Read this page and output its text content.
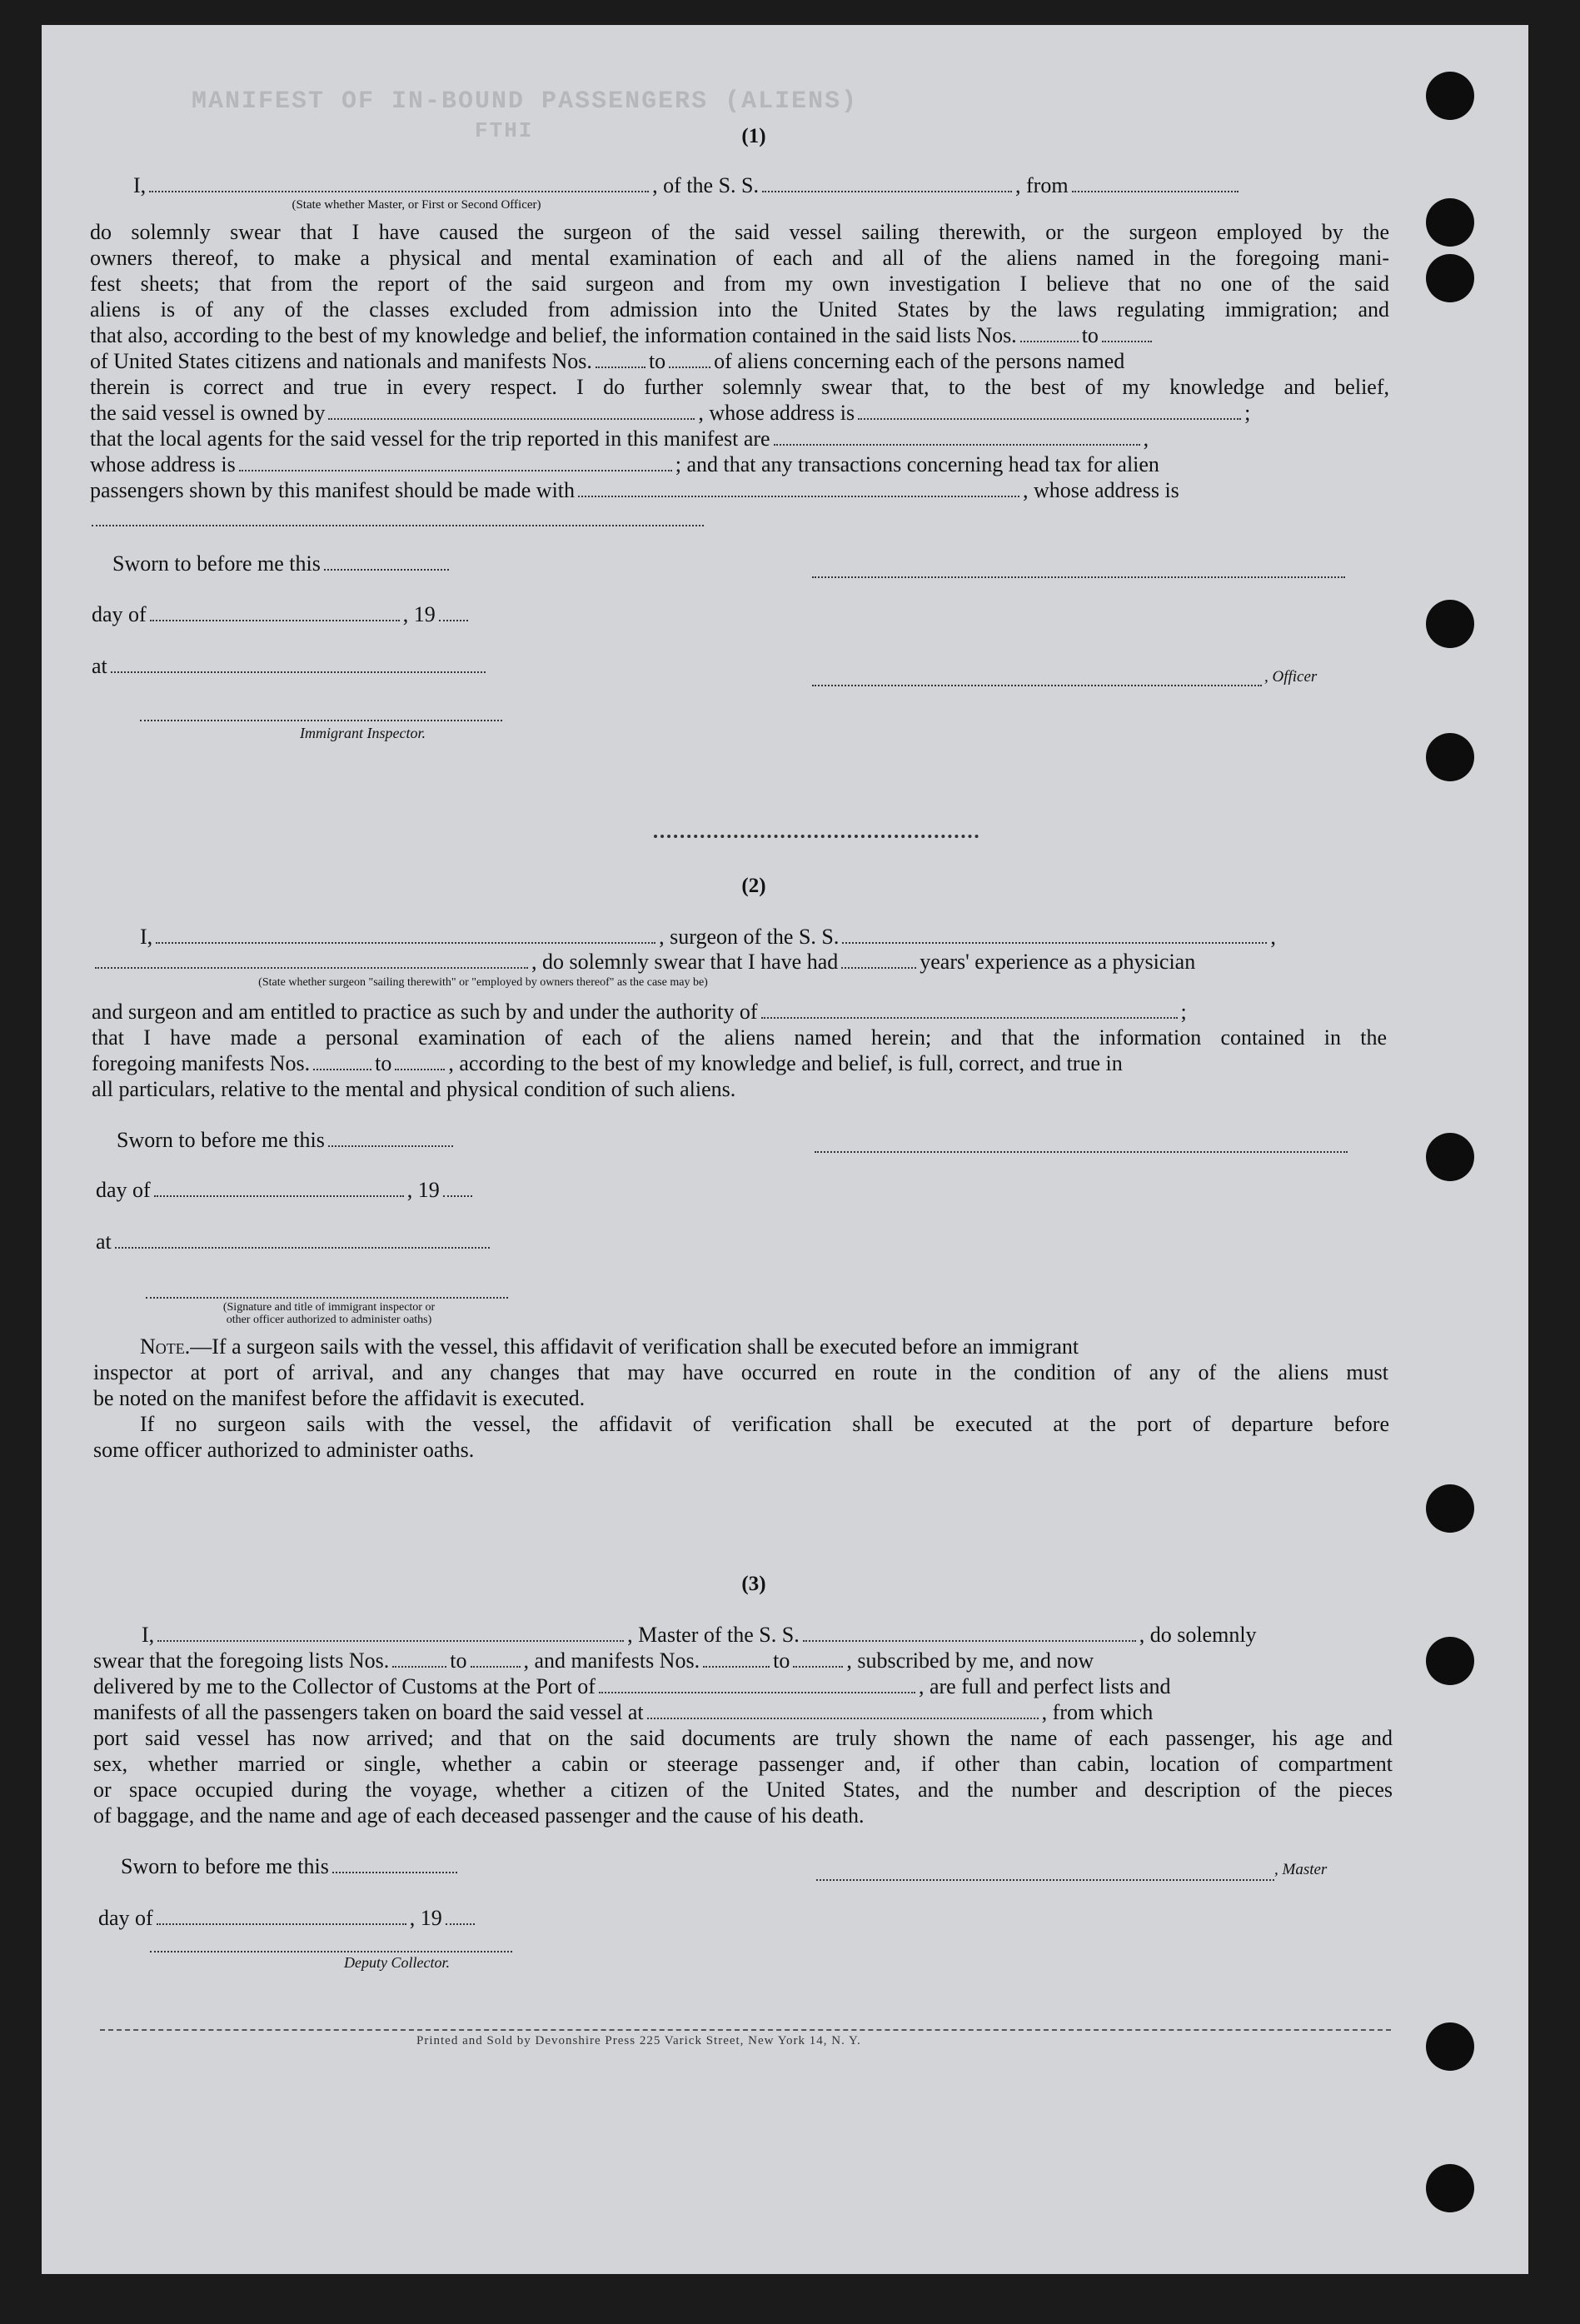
MANIFEST OF IN-BOUND PASSENGERS (ALIENS)
FTHI	(1)
I,	, of the S. S.	, from
(State whether Master, or First or Second Officer)
do solemnly swear that I have caused the surgeon of the said vessel sailing therewith, or the surgeon employed by the
owners thereof, to make a physical and mental examination of each and all of the aliens named in the foregoing mani-
fest sheets; that from the report of the said surgeon and from my own investigation I believe that no one of the said
aliens is of any of the classes excluded from admission into the United States by the laws regulating immigration; and
that also, according to the best of my knowledge and belief, the information contained in the said lists Nos.	to
of United States citizens and nationals and manifests Nos.	to of aliens concerning each of the persons named
therein is correct and true in every respect. I do further solemnly swear that, to the best of my knowledge and belief,
the said vessel is owned by	, whose address is	;
that the local agents for the said vessel for the trip reported in this manifest are	,
whose address is	; and that any transactions concerning head tax for alien
passengers shown by this manifest should be made with	, whose address is
Sworn to before me this
day of	, 19
at	, Officer
Immigrant Inspector.
(2)
I,	, surgeon of the S. S.	,
, do solemnly swear that I have had	years' experience as a physician
(State whether surgeon "sailing therewith" or "employed by owners thereof" as the case may be)
and surgeon and am entitled to practice as such by and under the authority of	;
that I have made a personal examination of each of the aliens named herein; and that the information contained in the
foregoing manifests Nos.	to	, according to the best of my knowledge and belief, is full, correct, and true in
all particulars, relative to the mental and physical condition of such aliens.
Sworn to before me this
day of	, 19
at
(Signature and title of immigrant inspector or
other officer authorized to administer oaths)
Note.—If a surgeon sails with the vessel, this affidavit of verification shall be executed before an immigrant
inspector at port of arrival, and any changes that may have occurred en route in the condition of any of the aliens must
be noted on the manifest before the affidavit is executed.
If no surgeon sails with the vessel, the affidavit of verification shall be executed at the port of departure before
some officer authorized to administer oaths.
(3)
I,	, Master of the S. S.	, do solemnly
swear that the foregoing lists Nos.	to	, and manifests Nos.	to	, subscribed by me, and now
delivered by me to the Collector of Customs at the Port of	, are full and perfect lists and
manifests of all the passengers taken on board the said vessel at	, from which
port said vessel has now arrived; and that on the said documents are truly shown the name of each passenger, his age and
sex, whether married or single, whether a cabin or steerage passenger and, if other than cabin, location of compartment
or space occupied during the voyage, whether a citizen of the United States, and the number and description of the pieces
of baggage, and the name and age of each deceased passenger and the cause of his death.
Sworn to before me this	, Master
day of	, 19
Deputy Collector.
Printed and Sold by Devonshire Press 225 Varick Street, New York 14, N. Y.
